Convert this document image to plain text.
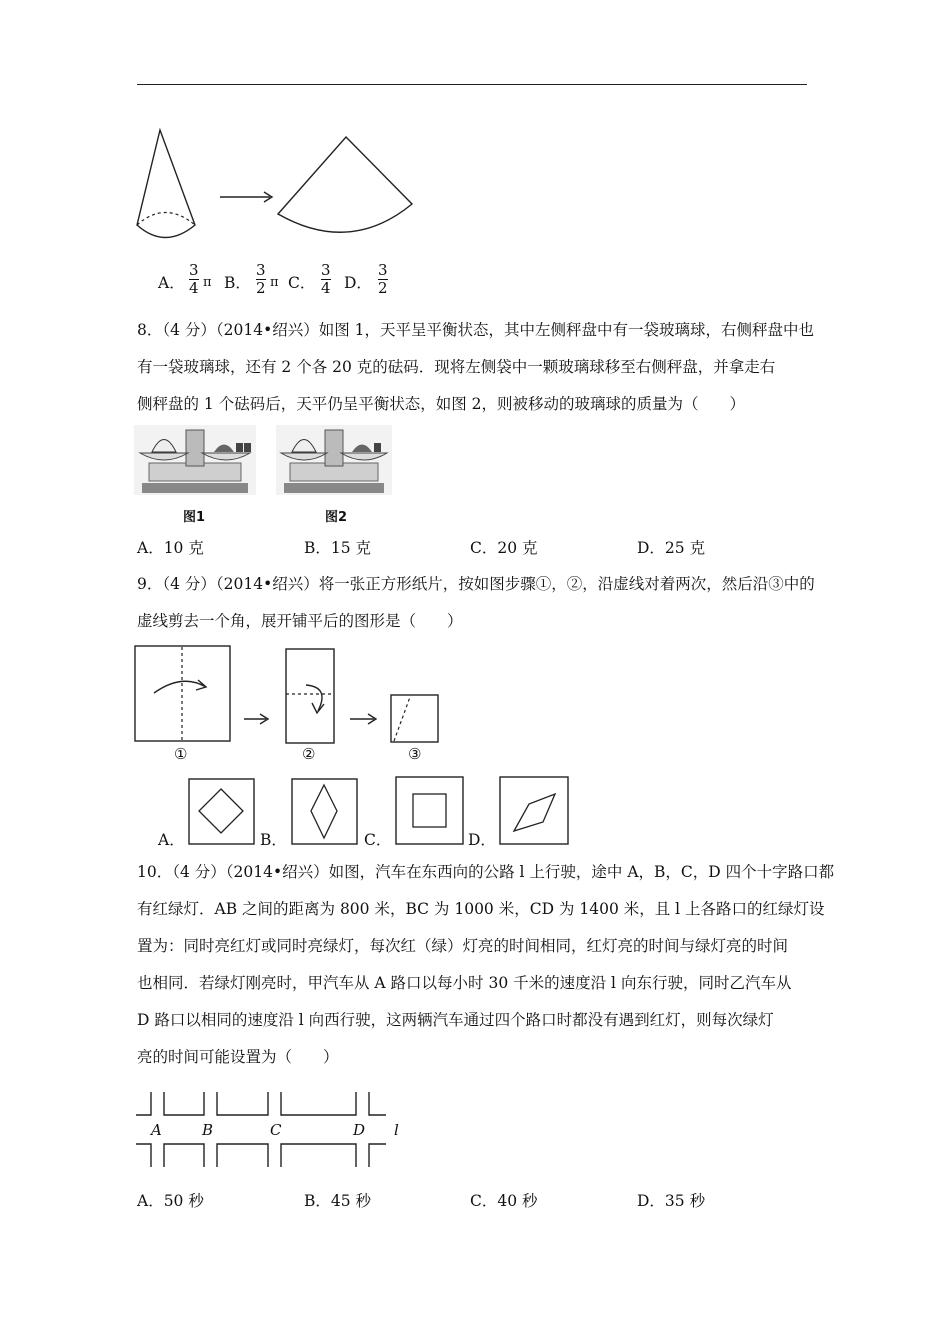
A． $\frac{3}{4}$ π B． $\frac{3}{2}$ π C． $\frac{3}{4}$ D． $\frac{3}{2}$
8．（4 分）（2014•绍兴）如图 1，天平呈平衡状态，其中左侧秤盘中有一袋玻璃球，右侧秤盘中也
有一袋玻璃球，还有 2 个各 20 克的砝码．现将左侧袋中一颗玻璃球移至右侧秤盘，并拿走右
侧秤盘的 1 个砝码后，天平仍呈平衡状态，如图 2，则被移动的玻璃球的质量为（　　）
图1	图2
A．10 克	B．15 克	C．20 克	D．25 克
9．（4 分）（2014•绍兴）将一张正方形纸片，按如图步骤①，②，沿虚线对着两次，然后沿③中的
虚线剪去一个角，展开铺平后的图形是（　　）
①	②	③
A．	B．	C．	D．
10．（4 分）（2014•绍兴）如图，汽车在东西向的公路 l 上行驶，途中 A，B，C，D 四个十字路口都
有红绿灯．AB 之间的距离为 800 米，BC 为 1000 米，CD 为 1400 米，且 l 上各路口的红绿灯设
置为：同时亮红灯或同时亮绿灯，每次红（绿）灯亮的时间相同，红灯亮的时间与绿灯亮的时间
也相同．若绿灯刚亮时，甲汽车从 A 路口以每小时 30 千米的速度沿 l 向东行驶，同时乙汽车从
D 路口以相同的速度沿 l 向西行驶，这两辆汽车通过四个路口时都没有遇到红灯，则每次绿灯
亮的时间可能设置为（　　）
A	B	C	D l
A．50 秒	B．45 秒	C．40 秒	D．35 秒
